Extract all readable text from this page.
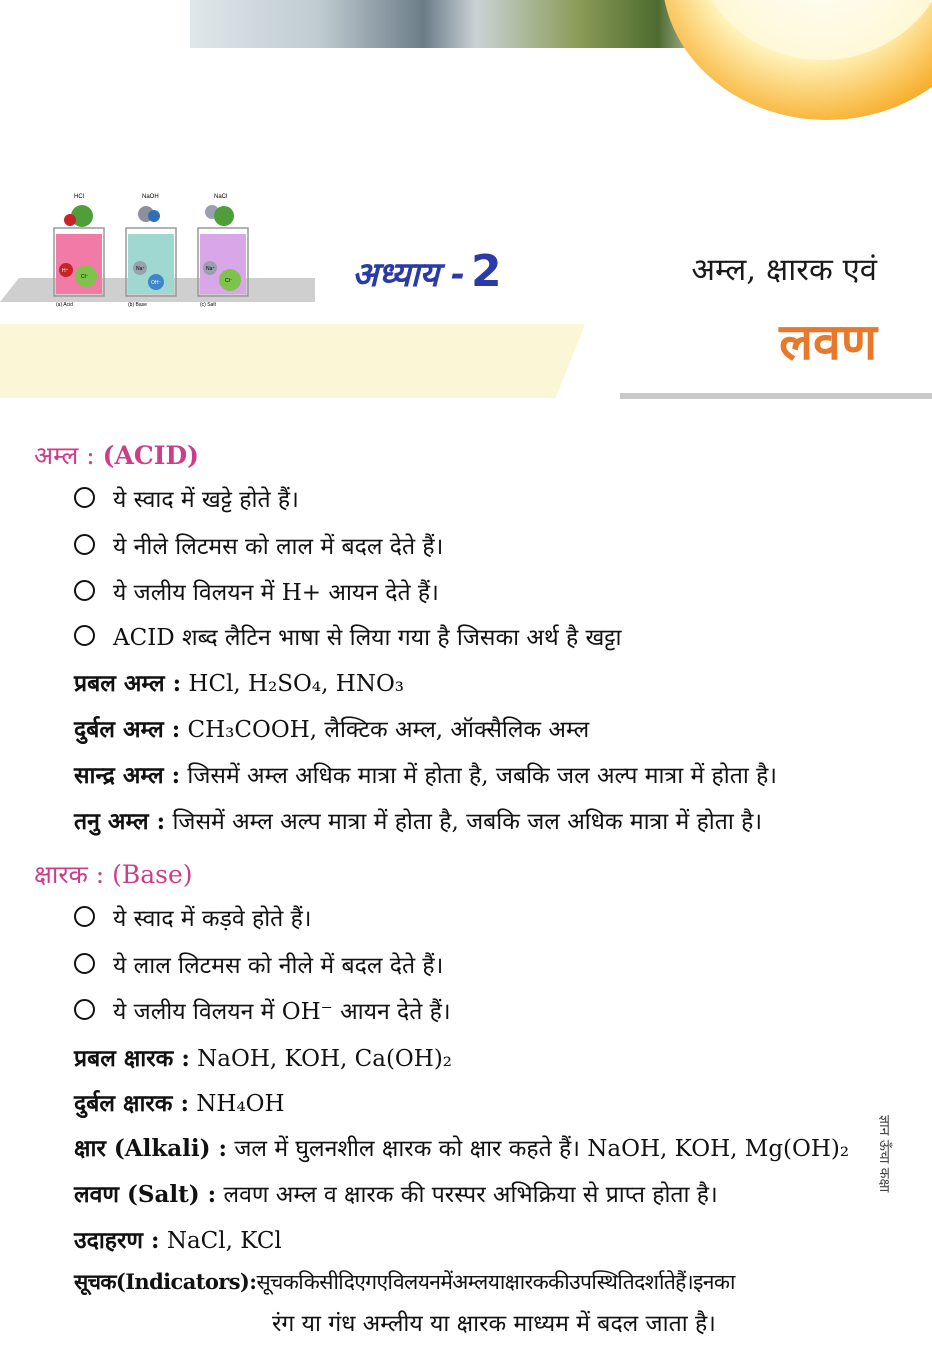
HCl
H⁺
Cl⁻
(a) Acid
NaOH
Na⁺
OH⁻
(b) Base
NaCl
Na⁺
Cl⁻
(c) Salt
अध्याय - 2	अम्ल, क्षारक एवं
लवण
अम्ल : (ACID)
ये स्वाद में खट्टे होते हैं।
ये नीले लिटमस को लाल में बदल देते हैं।
ये जलीय विलयन में H+ आयन देते हैं।
ACID शब्द लैटिन भाषा से लिया गया है जिसका अर्थ है खट्टा
प्रबल अम्ल : HCl, H₂SO₄, HNO₃
दुर्बल अम्ल : CH₃COOH, लैक्टिक अम्ल, ऑक्सैलिक अम्ल
सान्द्र अम्ल : जिसमें अम्ल अधिक मात्रा में होता है, जबकि जल अल्प मात्रा में होता है।
तनु अम्ल : जिसमें अम्ल अल्प मात्रा में होता है, जबकि जल अधिक मात्रा में होता है।
क्षारक : (Base)
ये स्वाद में कड़वे होते हैं।
ये लाल लिटमस को नीले में बदल देते हैं।
ये जलीय विलयन में OH⁻ आयन देते हैं।
प्रबल क्षारक : NaOH, KOH, Ca(OH)₂
दुर्बल क्षारक : NH₄OH
क्षार (Alkali) : जल में घुलनशील क्षारक को क्षार कहते हैं। NaOH, KOH, Mg(OH)₂
लवण (Salt) : लवण अम्ल व क्षारक की परस्पर अभिक्रिया से प्राप्त होता है।
उदाहरण : NaCl, KCl
सूचक(Indicators):सूचककिसीदिएगएविलयनमेंअम्लयाक्षारककीउपस्थितिदर्शातेहैं।इनका
रंग या गंध अम्लीय या क्षारक माध्यम में बदल जाता है।
ज्ञान ऊँचा कक्षा
